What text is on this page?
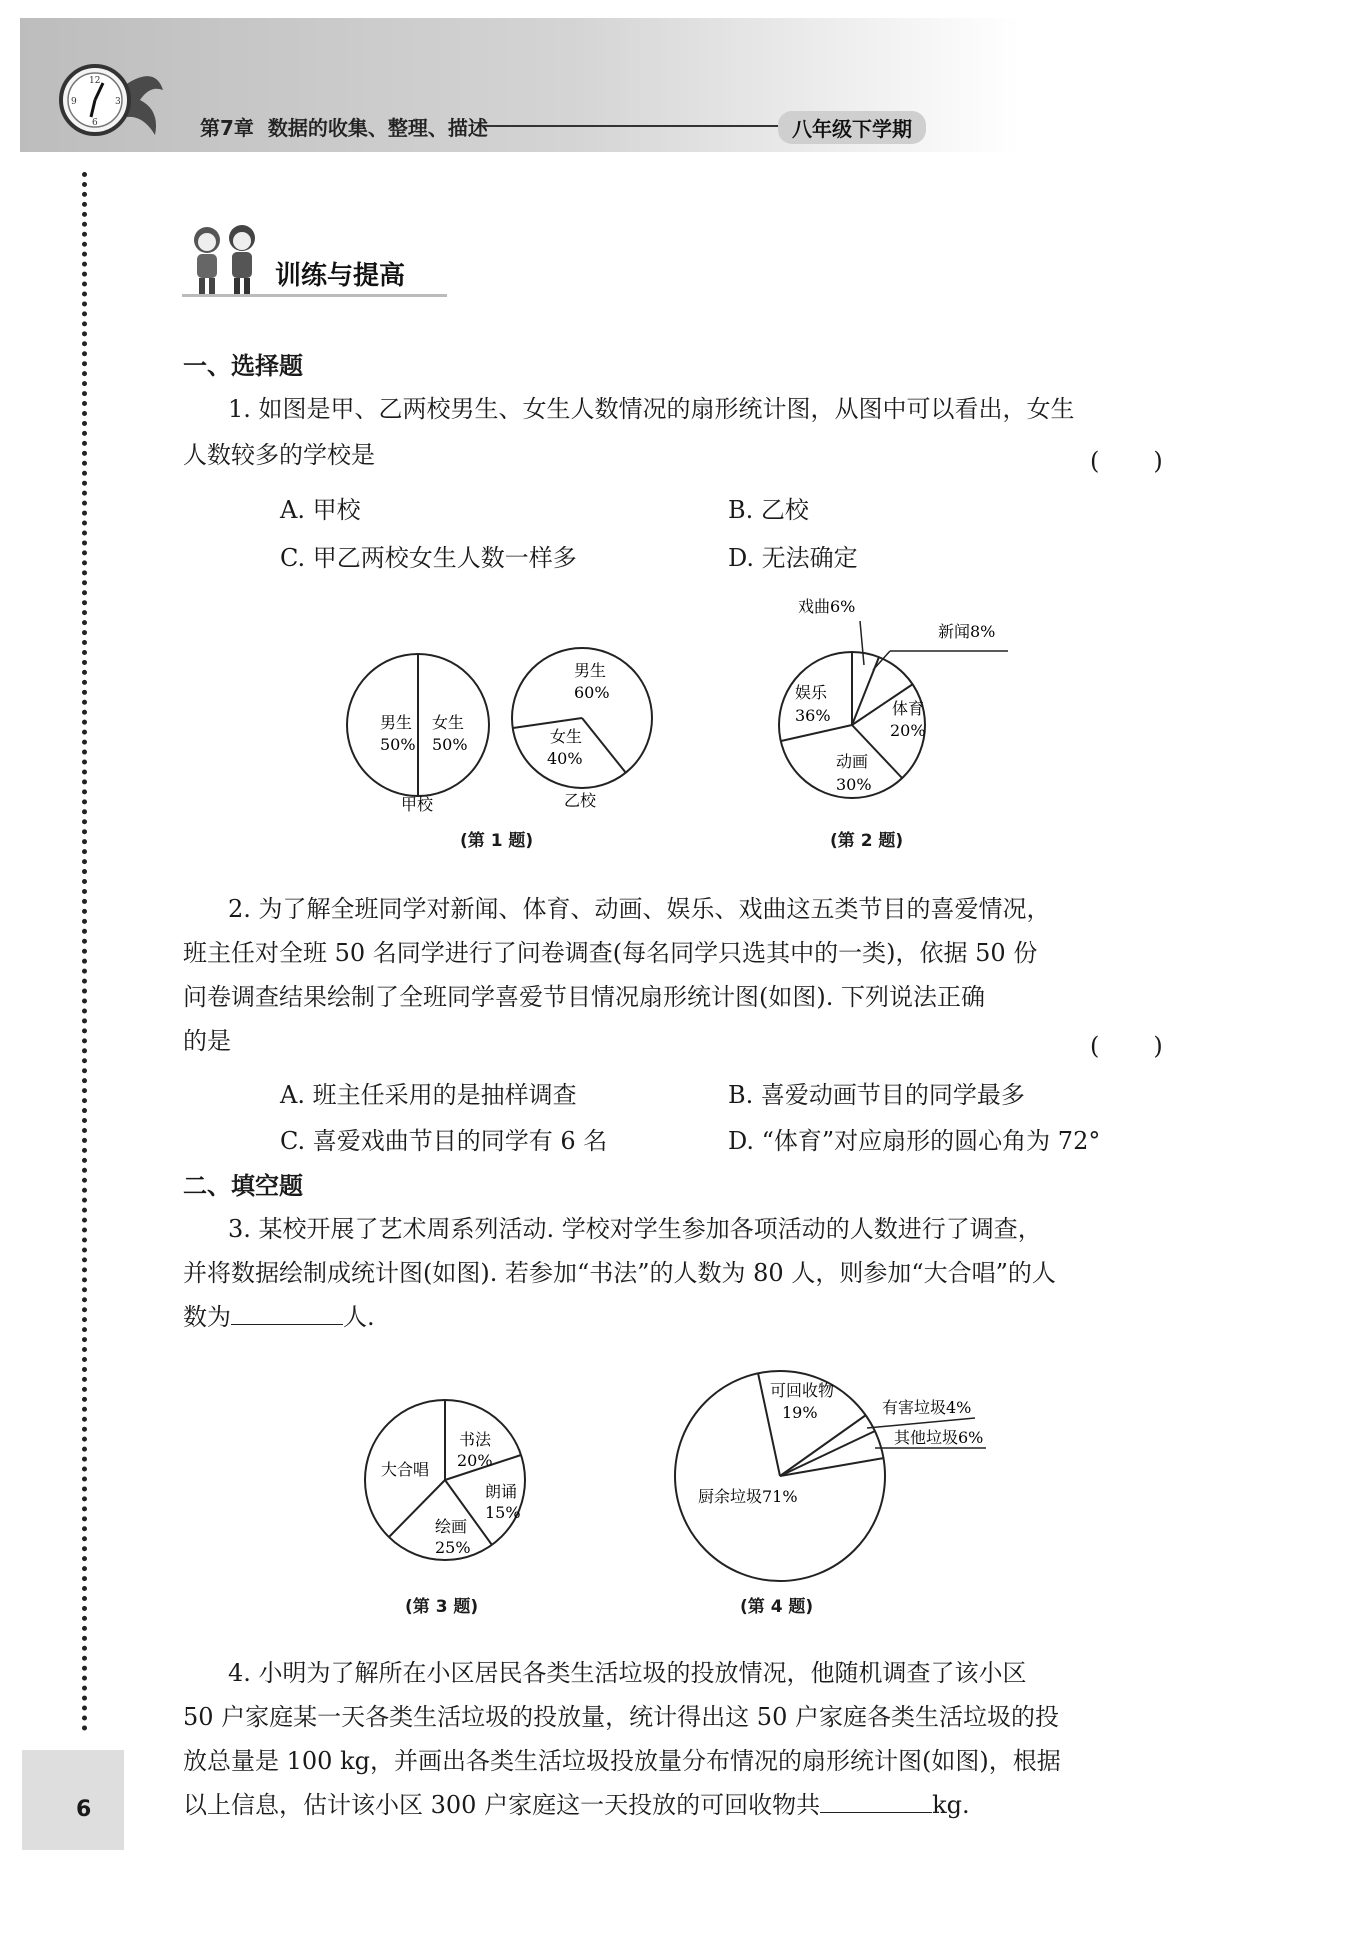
12
3
6
9
第7章 数据的收集、整理、描述	八年级下学期
6
训练与提高
一、选择题
1. 如图是甲、乙两校男生、女生人数情况的扇形统计图，从图中可以看出，女生
人数较多的学校是	(　　)
A. 甲校	B. 乙校
C. 甲乙两校女生人数一样多	D. 无法确定
男生
50%
女生
50%
甲校
男生
60%
女生
40%
乙校
(第 1 题)
戏曲6%
新闻8%
娱乐
36%	体育
20%
动画
30%
(第 2 题)
2. 为了解全班同学对新闻、体育、动画、娱乐、戏曲这五类节目的喜爱情况，
班主任对全班 50 名同学进行了问卷调查(每名同学只选其中的一类)，依据 50 份
问卷调查结果绘制了全班同学喜爱节目情况扇形统计图(如图). 下列说法正确
的是	(　　)
A. 班主任采用的是抽样调查	B. 喜爱动画节目的同学最多
C. 喜爱戏曲节目的同学有 6 名	D. “体育”对应扇形的圆心角为 72°
二、填空题
3. 某校开展了艺术周系列活动. 学校对学生参加各项活动的人数进行了调查，
并将数据绘制成统计图(如图). 若参加“书法”的人数为 80 人，则参加“大合唱”的人
数为	人.
大合唱
书法
20%
朗诵
15%
绘画
25%
(第 3 题)
可回收物
19%	有害垃圾4%
其他垃圾6%
厨余垃圾71%
(第 4 题)
4. 小明为了解所在小区居民各类生活垃圾的投放情况，他随机调查了该小区
50 户家庭某一天各类生活垃圾的投放量，统计得出这 50 户家庭各类生活垃圾的投
放总量是 100 kg，并画出各类生活垃圾投放量分布情况的扇形统计图(如图)，根据
以上信息，估计该小区 300 户家庭这一天投放的可回收物共	kg.
